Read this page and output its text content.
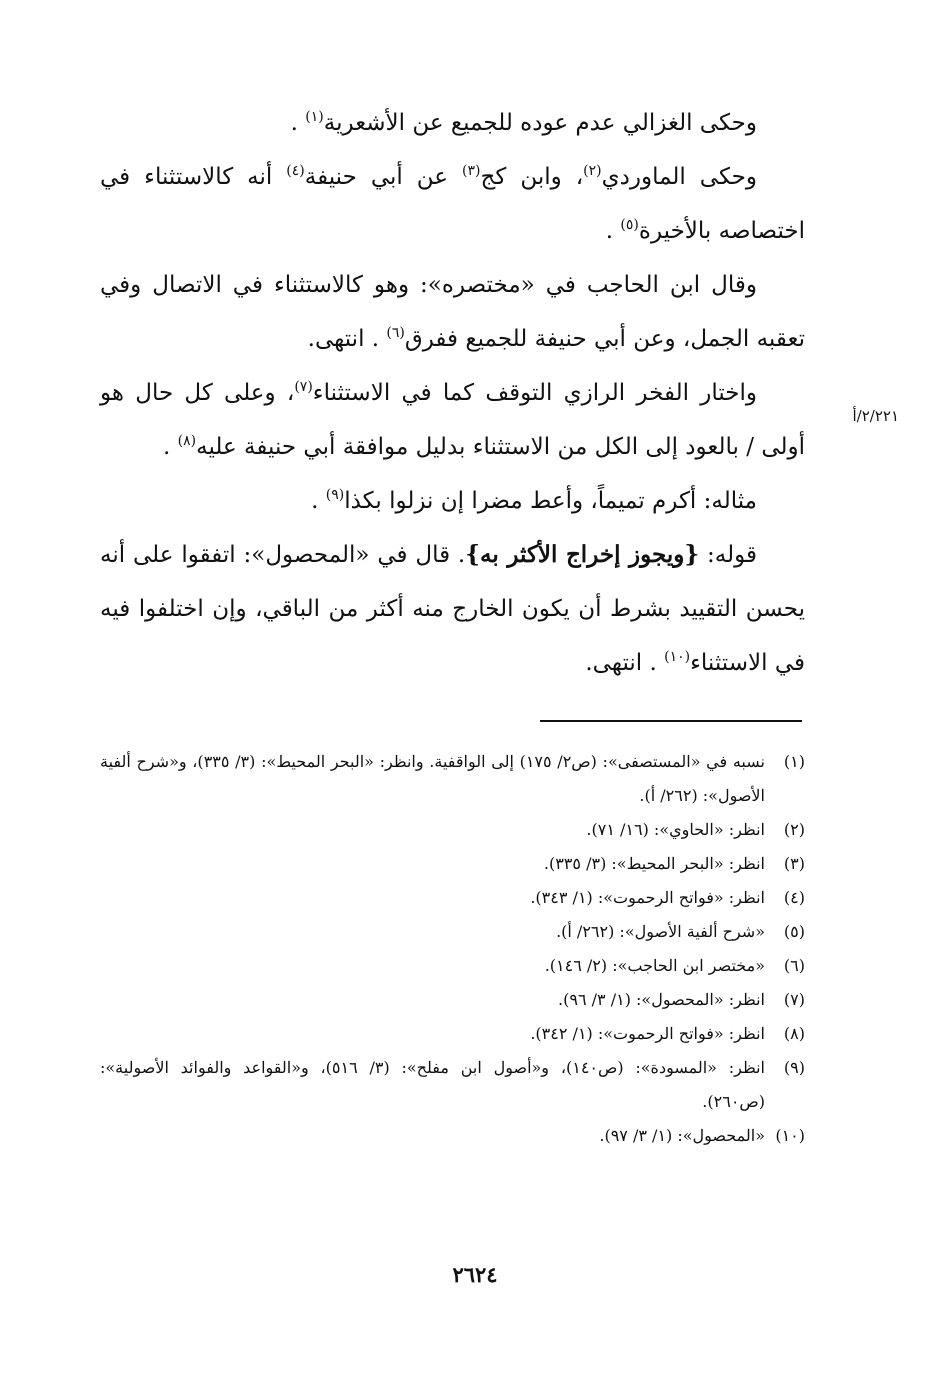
وحكى الغزالي عدم عوده للجميع عن الأشعرية$^{(١)}$ .

وحكى الماوردي$^{(٢)}$، وابن كج$^{(٣)}$ عن أبي حنيفة$^{(٤)}$ أنه كالاستثناء في اختصاصه بالأخيرة$^{(٥)}$ .

وقال ابن الحاجب في «مختصره»: وهو كالاستثناء في الاتصال وفي تعقبه الجمل، وعن أبي حنيفة للجميع ففرق$^{(٦)}$ . انتهى.

واختار الفخر الرازي التوقف كما في الاستثناء$^{(٧)}$، وعلى كل حال هو أولى / بالعود إلى الكل من الاستثناء بدليل موافقة أبي حنيفة عليه$^{(٨)}$ .

مثاله: أكرم تميماً، وأعط مضرا إن نزلوا بكذا$^{(٩)}$ .

قوله: {ويجوز إخراج الأكثر به}. قال في «المحصول»: اتفقوا على أنه يحسن التقييد بشرط أن يكون الخارج منه أكثر من الباقي، وإن اختلفوا فيه في الاستثناء$^{(١٠)}$ . انتهى.

٢/٢٢١/أ
(١)
نسبه في «المستصفى»: (ص٢/ ١٧٥) إلى الواقفية. وانظر: «البحر المحيط»: (٣/ ٣٣٥)، و«شرح ألفية الأصول»: (٢٦٢/ أ).
(٢)
انظر: «الحاوي»: (١٦/ ٧١).
(٣)
انظر: «البحر المحيط»: (٣/ ٣٣٥).
(٤)
انظر: «فواتح الرحموت»: (١/ ٣٤٣).
(٥)
«شرح ألفية الأصول»: (٢٦٢/ أ).
(٦)
«مختصر ابن الحاجب»: (٢/ ١٤٦).
(٧)
انظر: «المحصول»: (١/ ٣/ ٩٦).
(٨)
انظر: «فواتح الرحموت»: (١/ ٣٤٢).
(٩)
انظر: «المسودة»: (ص١٤٠)، و«أصول ابن مفلح»: (٣/ ٥١٦)، و«القواعد والفوائد الأصولية»: (ص٢٦٠).
(١٠)
«المحصول»: (١/ ٣/ ٩٧).
٢٦٢٤
